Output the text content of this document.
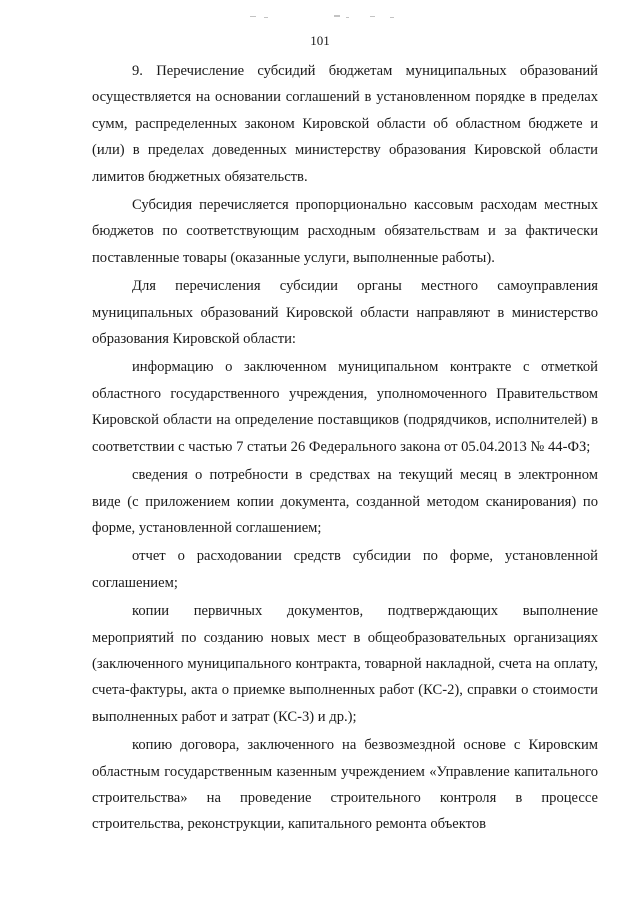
101

9. Перечисление субсидий бюджетам муниципальных образований осуществляется на основании соглашений в установленном порядке в пределах сумм, распределенных законом Кировской области об областном бюджете и (или) в пределах доведенных министерству образования Кировской области лимитов бюджетных обязательств.

Субсидия перечисляется пропорционально кассовым расходам местных бюджетов по соответствующим расходным обязательствам и за фактически поставленные товары (оказанные услуги, выполненные работы).

Для перечисления субсидии органы местного самоуправления муниципальных образований Кировской области направляют в министерство образования Кировской области:

информацию о заключенном муниципальном контракте с отметкой областного государственного учреждения, уполномоченного Правительством Кировской области на определение поставщиков (подрядчиков, исполнителей) в соответствии с частью 7 статьи 26 Федерального закона от 05.04.2013 № 44-ФЗ;

сведения о потребности в средствах на текущий месяц в электронном виде (с приложением копии документа, созданной методом сканирования) по форме, установленной соглашением;

отчет о расходовании средств субсидии по форме, установленной соглашением;

копии первичных документов, подтверждающих выполнение мероприятий по созданию новых мест в общеобразовательных организациях (заключенного муниципального контракта, товарной накладной, счета на оплату, счета-фактуры, акта о приемке выполненных работ (КС-2), справки о стоимости выполненных работ и затрат (КС-3) и др.);

копию договора, заключенного на безвозмездной основе с Кировским областным государственным казенным учреждением «Управление капитального строительства» на проведение строительного контроля в процессе строительства, реконструкции, капитального ремонта объектов
